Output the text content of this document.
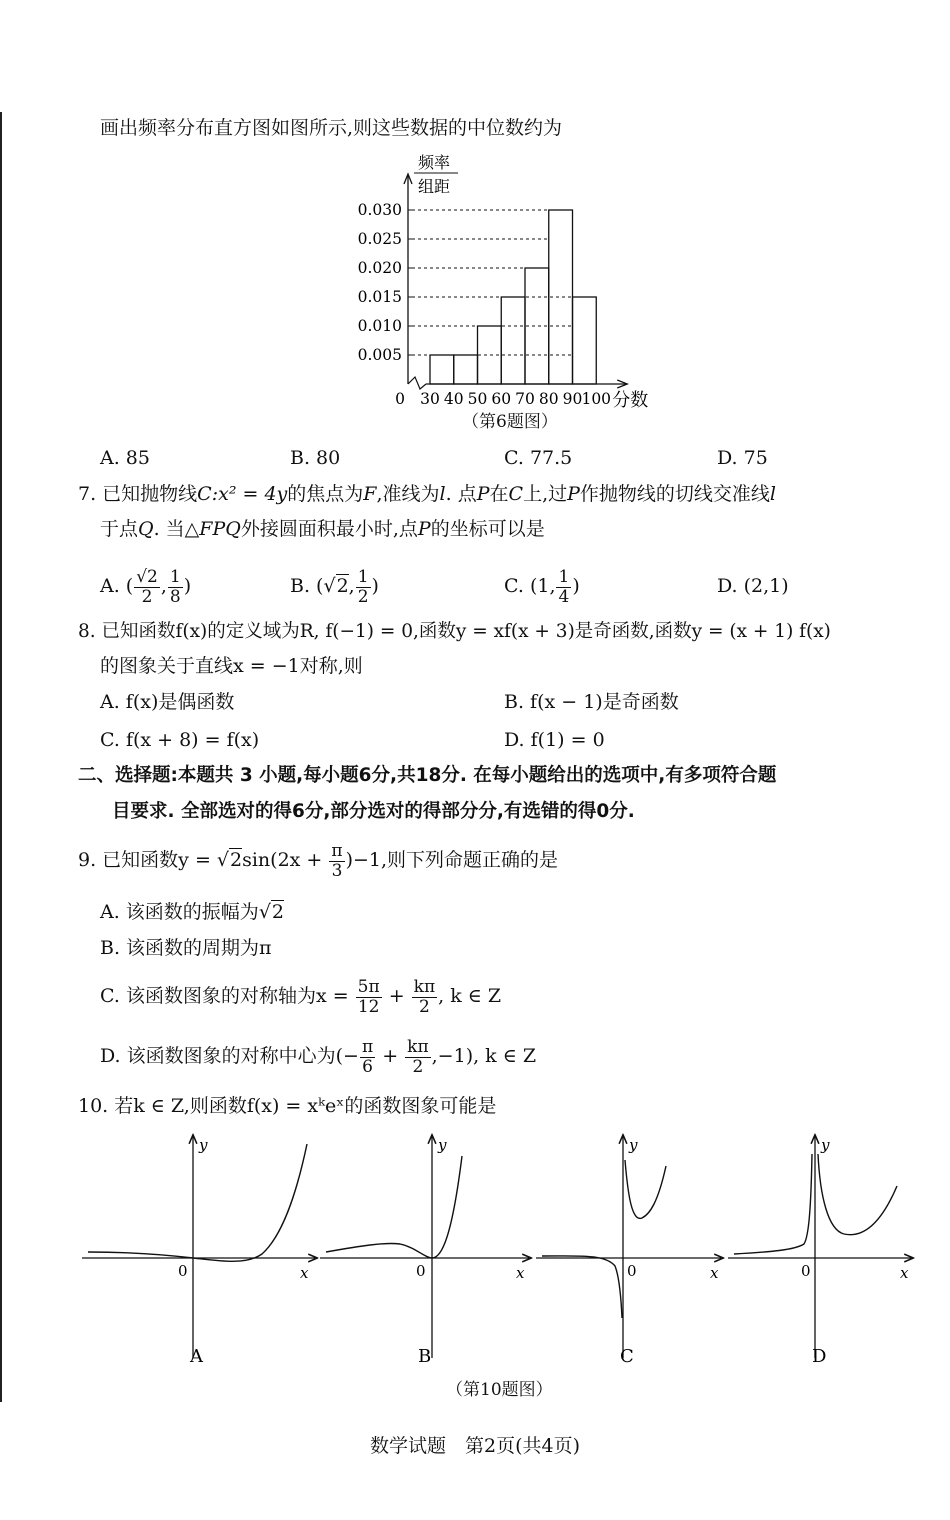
画出频率分布直方图如图所示,则这些数据的中位数约为
频率
组距
0.005
0.010
0.015
0.020
0.025
0.030
30 40 50 60 70 80 90 100
0	分数
（第6题图）
A. 85	B. 80	C. 77.5	D. 75
7. 已知抛物线C:x² = 4y的焦点为F,准线为l. 点P在C上,过P作抛物线的切线交准线l
于点Q. 当△FPQ外接圆面积最小时,点P的坐标可以是
A. ( $\frac{√2}{2}$ , $\frac{1}{8}$ )	B. (√2, $\frac{1}{2}$ )	C. (1, $\frac{1}{4}$ )	D. (2,1)
8. 已知函数f(x)的定义域为R, f(−1) = 0,函数y = xf(x + 3)是奇函数,函数y = (x + 1) f(x)
的图象关于直线x = −1对称,则
A. f(x)是偶函数	B. f(x − 1)是奇函数
C. f(x + 8) = f(x)	D. f(1) = 0
二、选择题:本题共 3 小题,每小题6分,共18分. 在每小题给出的选项中,有多项符合题
目要求. 全部选对的得6分,部分选对的得部分分,有选错的得0分.
9. 已知函数$y = √2\sin(2x + \frac{\pi}{3} )-1$,则下列命题正确的是
A. 该函数的振幅为√2
B. 该函数的周期为π
C. 该函数图象的对称轴为$x = \frac{5\pi}{12} + \frac{k\pi}{2}$ , k ∈ Z
D. 该函数图象的对称中心为(− $\frac{\pi}{6} + \frac{k\pi}{2} ,-1$), k ∈ Z
10. 若k ∈ Z,则函数f(x) = xᵏeˣ的函数图象可能是
y
x
0
A
y
x
0
B
y
x
0
C
y
x
0
D
（第10题图）
数学试题　第2页(共4页)
